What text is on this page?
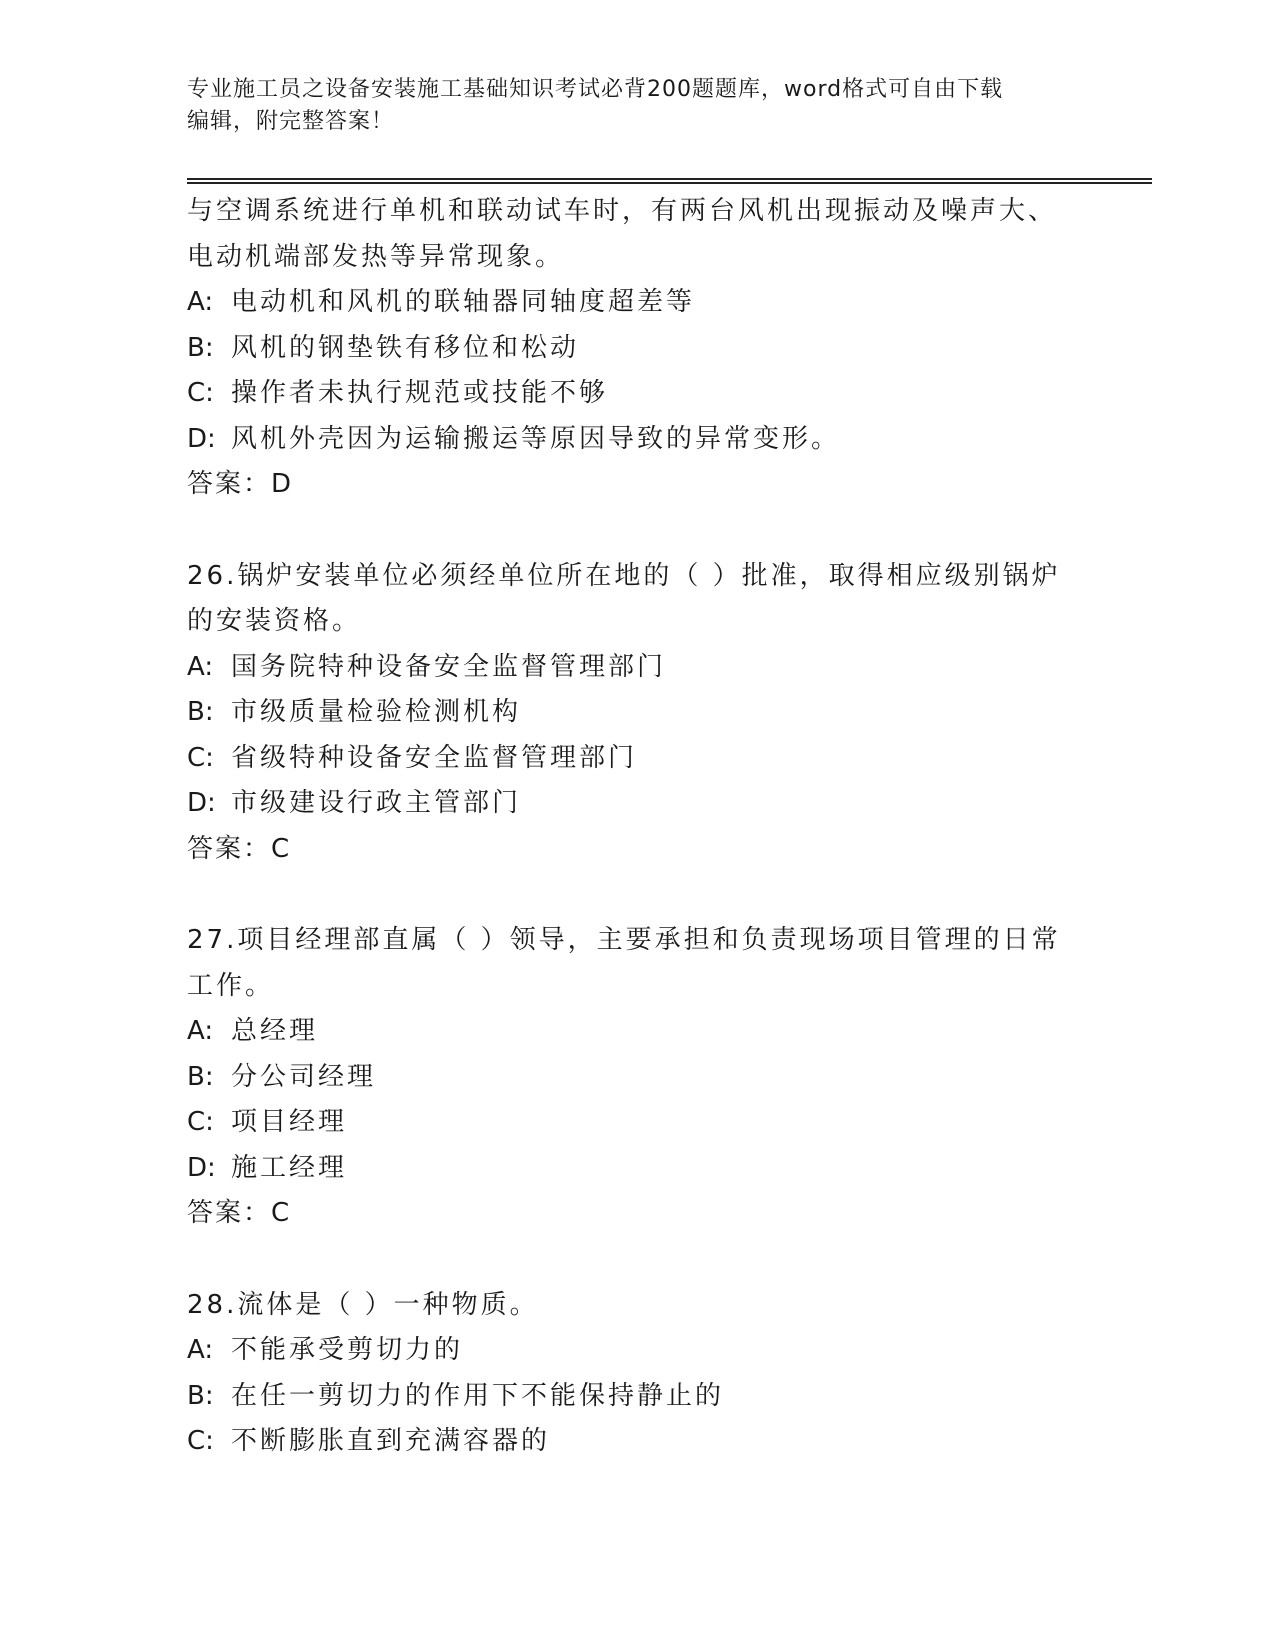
专业施工员之设备安装施工基础知识考试必背200题题库，word格式可自由下载
编辑，附完整答案！
与空调系统进行单机和联动试车时，有两台风机出现振动及噪声大、
电动机端部发热等异常现象。
A: 电动机和风机的联轴器同轴度超差等
B: 风机的钢垫铁有移位和松动
C: 操作者未执行规范或技能不够
D: 风机外壳因为运输搬运等原因导致的异常变形。
答案：D
26.锅炉安装单位必须经单位所在地的（ ）批准，取得相应级别锅炉
的安装资格。
A: 国务院特种设备安全监督管理部门
B: 市级质量检验检测机构
C: 省级特种设备安全监督管理部门
D: 市级建设行政主管部门
答案：C
27.项目经理部直属（ ）领导，主要承担和负责现场项目管理的日常
工作。
A: 总经理
B: 分公司经理
C: 项目经理
D: 施工经理
答案：C
28.流体是（ ）一种物质。
A: 不能承受剪切力的
B: 在任一剪切力的作用下不能保持静止的
C: 不断膨胀直到充满容器的
